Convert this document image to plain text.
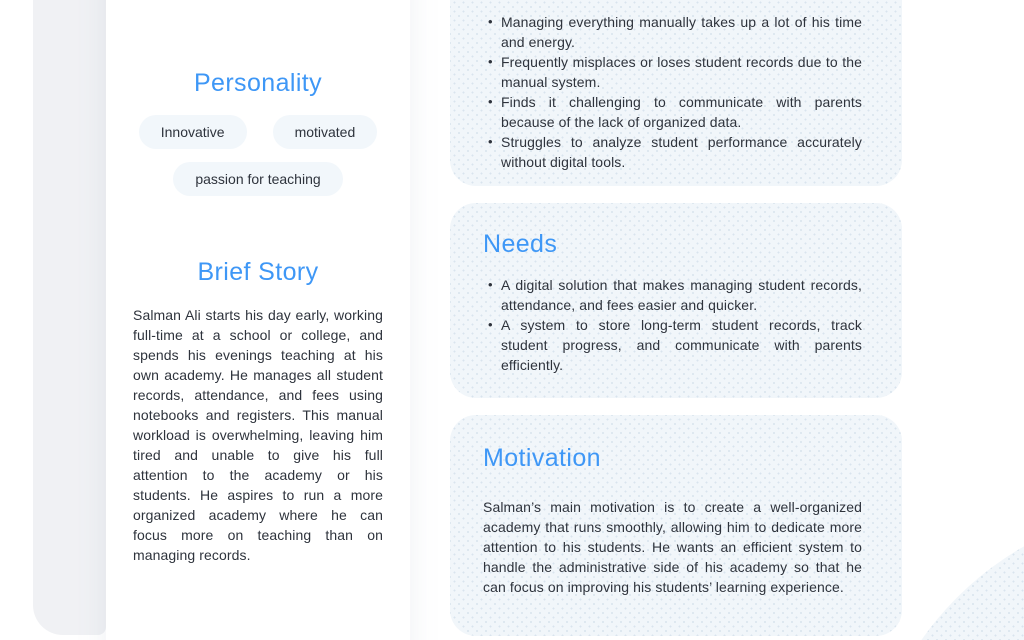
Personality
Innovative	motivated
passion for teaching
Brief Story

Salman Ali starts his day early, working full-time at a school or college, and spends his evenings teaching at his own academy. He manages all student records, attendance, and fees using notebooks and registers. This manual workload is overwhelming, leaving him tired and unable to give his full attention to the academy or his students. He aspires to run a more organized academy where he can focus more on teaching than on managing records.

• Managing everything manually takes up a lot of his time and energy.
• Frequently misplaces or loses student records due to the manual system.
• Finds it challenging to communicate with parents because of the lack of organized data.
• Struggles to analyze student performance accurately without digital tools.
Needs
• A digital solution that makes managing student records, attendance, and fees easier and quicker.
• A system to store long-term student records, track student progress, and communicate with parents efficiently.
Motivation

Salman’s main motivation is to create a well-organized academy that runs smoothly, allowing him to dedicate more attention to his students. He wants an efficient system to handle the administrative side of his academy so that he can focus on improving his students’ learning experience.
